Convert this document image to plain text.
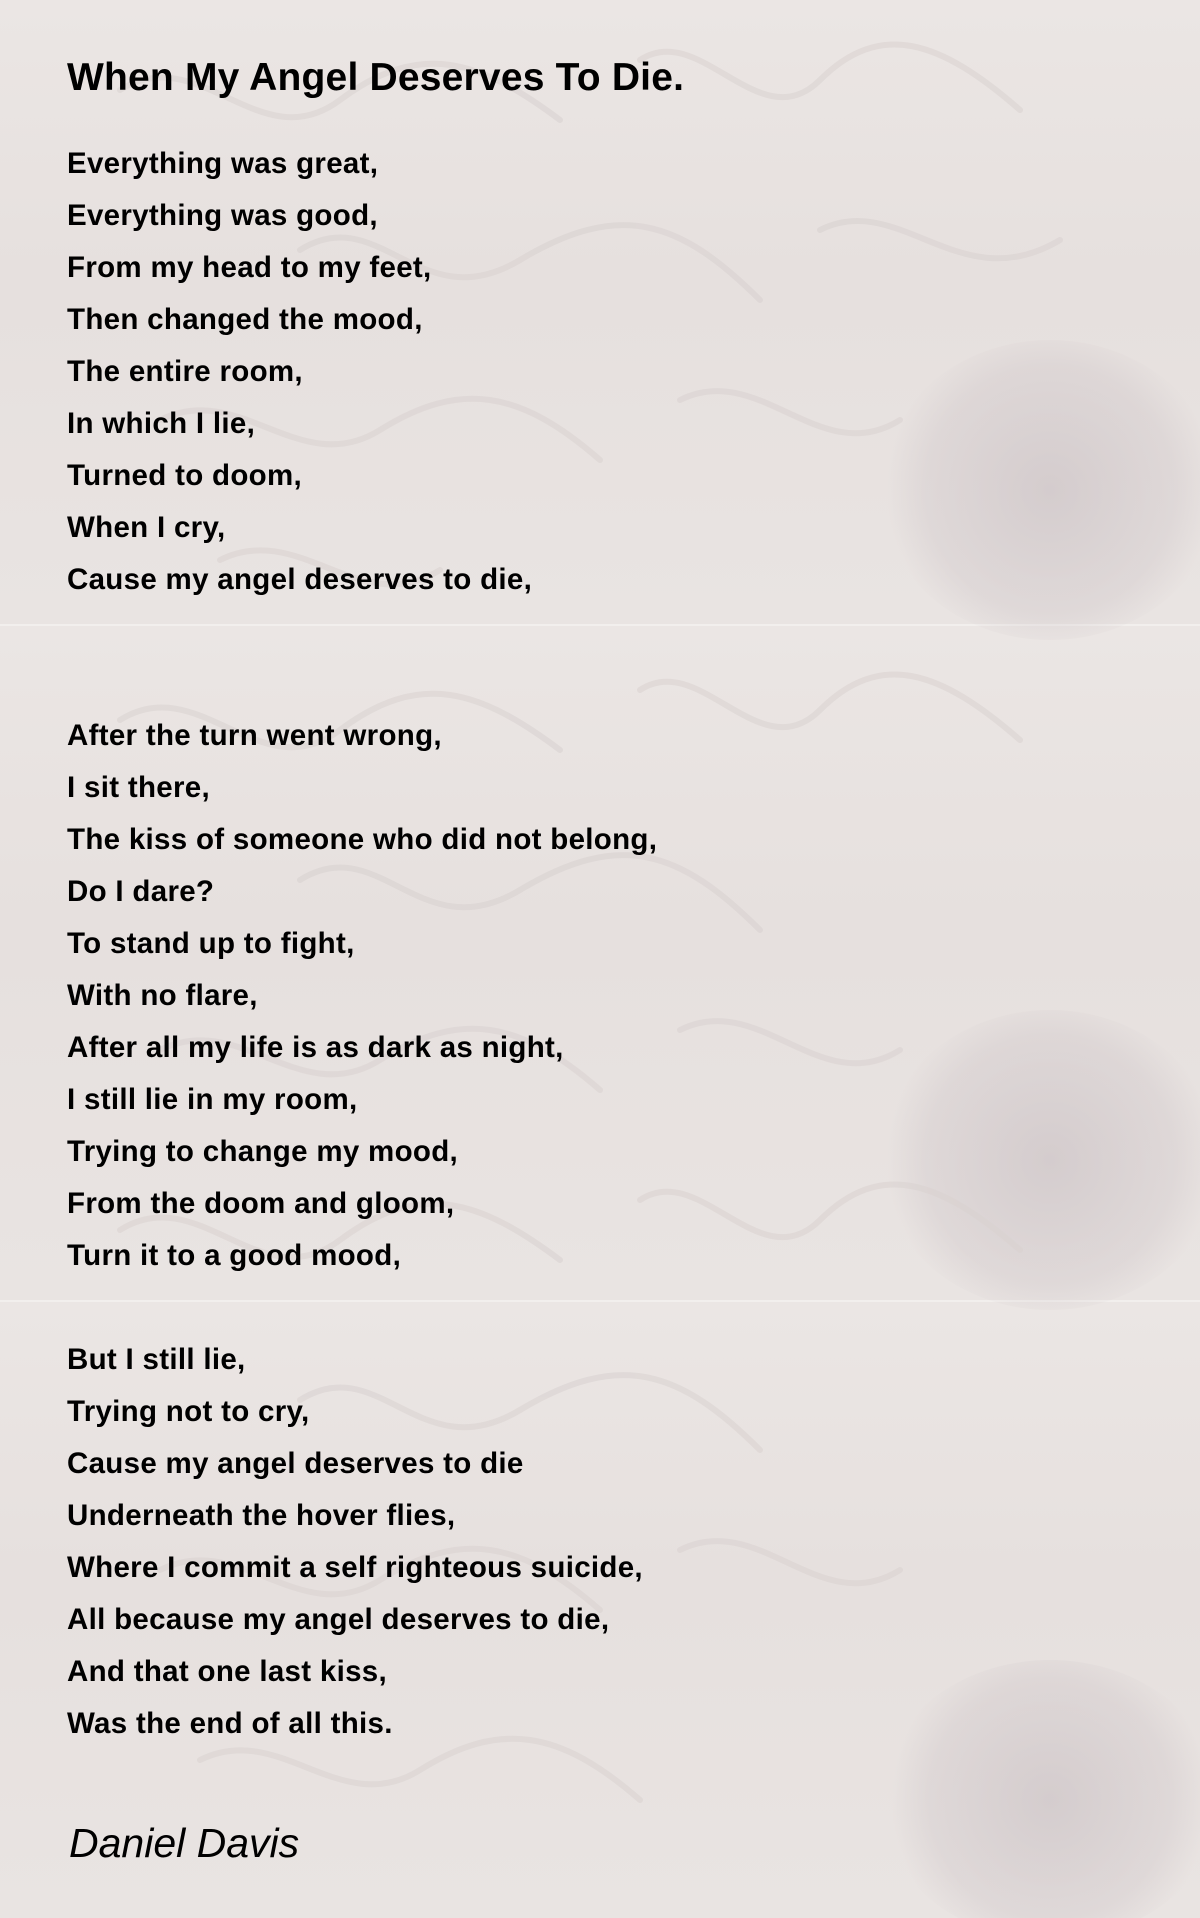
When My Angel Deserves To Die.
Everything was great,
Everything was good,
From my head to my feet,
Then changed the mood,
The entire room,
In which I lie,
Turned to doom,
When I cry,
Cause my angel deserves to die,
After the turn went wrong,
I sit there,
The kiss of someone who did not belong,
Do I dare?
To stand up to fight,
With no flare,
After all my life is as dark as night,
I still lie in my room,
Trying to change my mood,
From the doom and gloom,
Turn it to a good mood,
But I still lie,
Trying not to cry,
Cause my angel deserves to die
Underneath the hover flies,
Where I commit a self righteous suicide,
All because my angel deserves to die,
And that one last kiss,
Was the end of all this.

Daniel Davis
